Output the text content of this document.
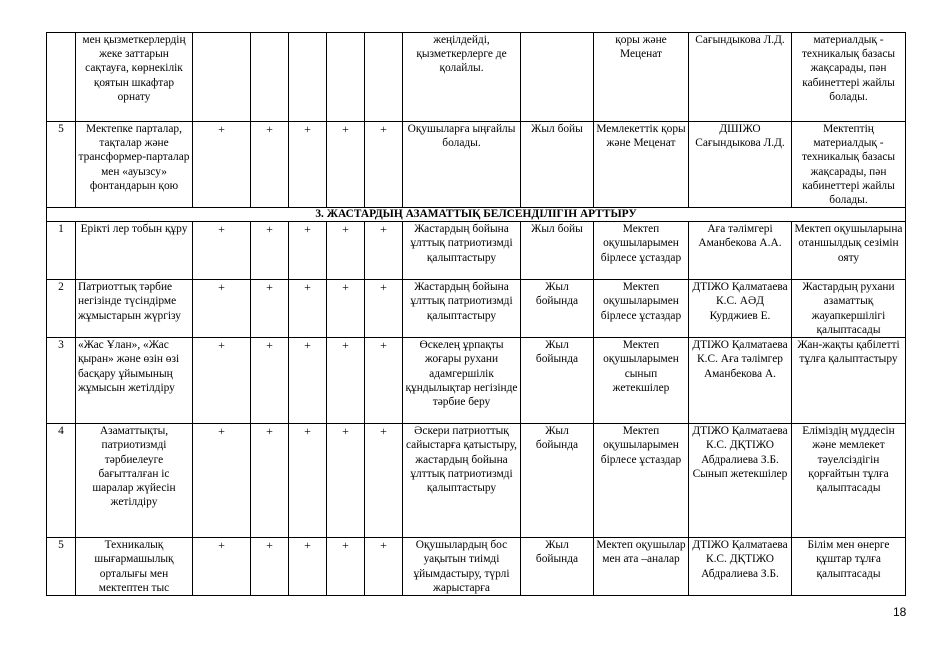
	мен қызметкерлердің жеке заттарын сақтауға, көрнекілік қоятын шкафтар орнату						жеңілдейді, қызметкерлерге де қолайлы.		қоры және Меценат	Сағындыкова Л.Д.	материалдық - техникалық базасы жақсарады, пән кабинеттері жайлы болады.
5	Мектепке парталар, тақталар және трансформер-парталар мен «ауызсу» фонтандарын қою	+	+	+	+	+	Оқушыларға ыңғайлы болады.	Жыл бойы	Мемлекеттік қоры және Меценат	ДШІЖО Сағындыкова Л.Д.	Мектептің материалдық - техникалық базасы жақсарады, пән кабинеттері жайлы болады.
3. ЖАСТАРДЫҢ АЗАМАТТЫҚ БЕЛСЕНДІЛІГІН АРТТЫРУ											
1	Ерікті лер тобын құру	+	+	+	+	+	Жастардың бойына ұлттық патриотизмді қалыптастыру	Жыл бойы	Мектеп оқушыларымен бірлесе ұстаздар	Аға тәлімгері Аманбекова А.А.	Мектеп оқушыларына отаншылдық сезімін ояту
2	Патриоттық тәрбие негізінде түсіндірме жұмыстарын жүргізу	+	+	+	+	+	Жастардың бойына ұлттық патриотизмді қалыптастыру	Жыл бойында	Мектеп оқушыларымен бірлесе ұстаздар	ДТІЖО Қалматаева К.С. АӘД Курджиев Е.	Жастардың рухани азаматтық жауапкершілігі қалыптасады
3	«Жас Ұлан», «Жас қыран» және өзін өзі басқару ұйымының жұмысын жетілдіру	+	+	+	+	+	Өскелең ұрпақты жоғары рухани адамгершілік құндылықтар негізінде тәрбие беру	Жыл бойында	Мектеп оқушыларымен сынып жетекшілер	ДТІЖО Қалматаева К.С. Аға тәлімгер Аманбекова А.	Жан-жақты қабілетті тұлға қалыптастыру
4	Азаматтықты, патриотизмді тәрбиелеуге бағытталған іс шаралар жүйесін жетілдіру	+	+	+	+	+	Әскери патриоттық сайыстарға қатыстыру, жастардың бойына ұлттық патриотизмді қалыптастыру	Жыл бойында	Мектеп оқушыларымен бірлесе ұстаздар	ДТІЖО Қалматаева К.С. ДҚТІЖО Абдралиева З.Б. Сынып жетекшілер	Еліміздің мүддесін және мемлекет тәуелсіздігін қорғайтын тұлға қалыптасады
5	Техникалық шығармашылық орталығы мен мектептен тыс	+	+	+	+	+	Оқушылардың бос уақытын тиімді ұйымдастыру, түрлі жарыстарға	Жыл бойында	Мектеп оқушылар мен ата –аналар	ДТІЖО Қалматаева К.С. ДҚТІЖО Абдралиева З.Б.	Білім мен өнерге құштар тұлға қалыптасады
18
